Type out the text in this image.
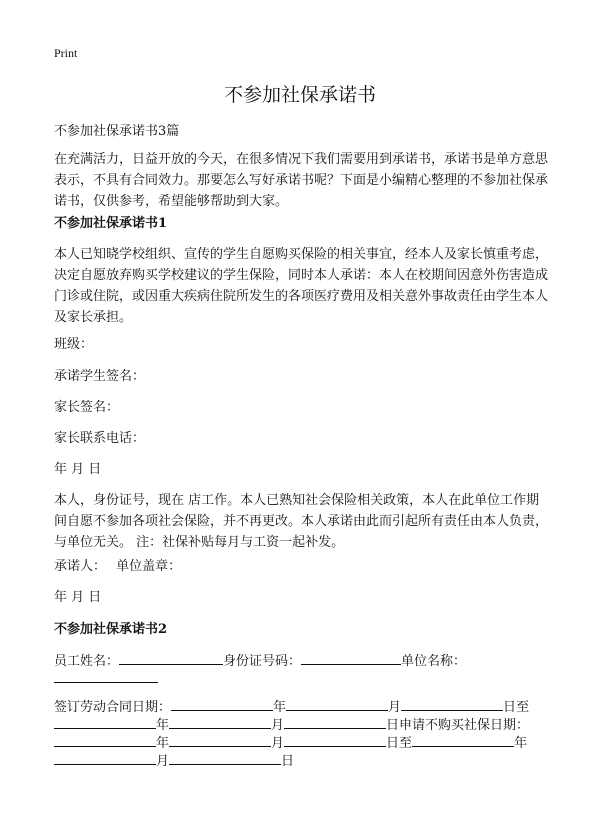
Print
不参加社保承诺书
不参加社保承诺书3篇
在充满活力，日益开放的今天，在很多情况下我们需要用到承诺书，承诺书是单方意思表示，不具有合同效力。那要怎么写好承诺书呢？下面是小编精心整理的不参加社保承诺书，仅供参考，希望能够帮助到大家。
不参加社保承诺书1
本人已知晓学校组织、宣传的学生自愿购买保险的相关事宜，经本人及家长慎重考虑，决定自愿放弃购买学校建议的学生保险，同时本人承诺：本人在校期间因意外伤害造成门诊或住院，或因重大疾病住院所发生的各项医疗费用及相关意外事故责任由学生本人及家长承担。
班级：
承诺学生签名：
家长签名：
家长联系电话：
年 月 日
本人，身份证号，现在 店工作。本人已熟知社会保险相关政策，本人在此单位工作期间自愿不参加各项社会保险，并不再更改。本人承诺由此而引起所有责任由本人负责，与单位无关。 注：社保补贴每月与工资一起补发。
承诺人： 单位盖章：
年 月 日
不参加社保承诺书2
员工姓名：	身份证号码：	单位名称：
签订劳动合同日期：	年	月	日至
年	月	日申请不购买社保日期：
年	月	日至	年
月	日
